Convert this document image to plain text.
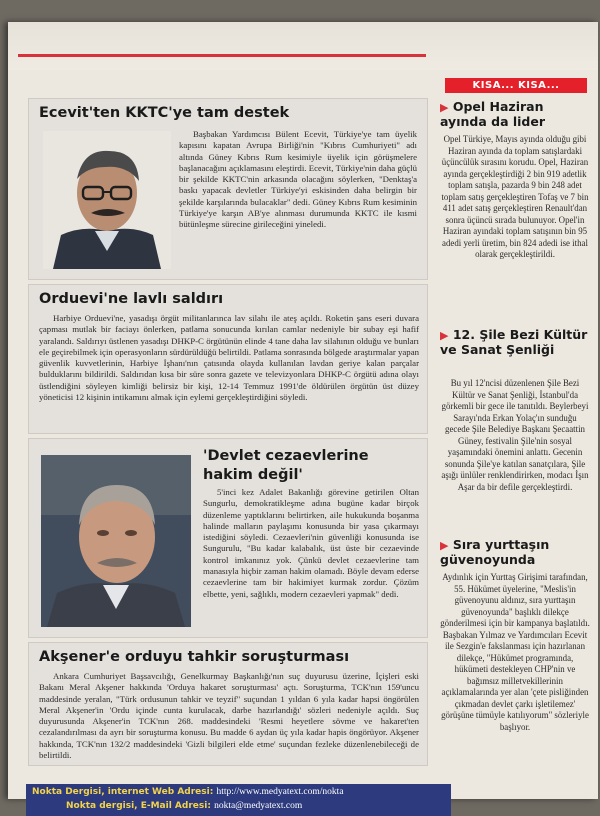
Ecevit'ten KKTC'ye tam destek

Başbakan Yardımcısı Bülent Ecevit, Türkiye'ye tam üyelik kapısını kapatan Avrupa Birliği'nin "Kıbrıs Cumhuriyeti" adı altında Güney Kıbrıs Rum kesimiyle üyelik için görüşmelere başlanacağını açıklamasını eleştirdi. Ecevit, Türkiye'nin daha güçlü bir şekilde KKTC'nin arkasında olacağını söylerken, "Denktaş'a baskı yapacak devletler Türkiye'yi eskisinden daha belirgin bir şekilde karşılarında bulacaklar" dedi. Güney Kıbrıs Rum kesiminin Türkiye'ye karşın AB'ye alınması durumunda KKTC ile kısmi bütünleşme sürecine girileceğini yineledi.

Orduevi'ne lavlı saldırı

Harbiye Orduevi'ne, yasadışı örgüt militanlarınca lav silahı ile ateş açıldı. Roketin şans eseri duvara çapması mutlak bir faciayı önlerken, patlama sonucunda kırılan camlar nedeniyle bir subay eşi hafif yaralandı. Saldırıyı üstlenen yasadışı DHKP-C örgütünün elinde 4 tane daha lav silahının olduğu ve bunları ele geçirebilmek için operasyonların sürdürüldüğü belirtildi. Patlama sonrasında bölgede araştırmalar yapan güvenlik kuvvetlerinin, Harbiye İşhanı'nın çatısında olayda kullanılan lavdan geriye kalan parçalar bulduklarını bildirildi. Saldırıdan kısa bir süre sonra gazete ve televizyonlara DHKP-C örgütü adına olayı üstlendiğini söyleyen kimliği belirsiz bir kişi, 12-14 Temmuz 1991'de öldürülen örgütün üst düzey yöneticisi 12 kişinin intikamını almak için eylemi gerçekleştirdiğini söyledi.

'Devlet cezaevlerine hakim değil'

5'inci kez Adalet Bakanlığı görevine getirilen Oltan Sungurlu, demokratikleşme adına bugüne kadar birçok düzenleme yaptıklarını belirtirken, aile hukukunda boşanma halinde malların paylaşımı konusunda bir yasa çıkarmayı istediğini söyledi. Cezaevleri'nin güvenliği konusunda ise Sungurulu, "Bu kadar kalabalık, üst üste bir cezaevinde kontrol imkanınız yok. Çünkü devlet cezaevlerine tam manasıyla hiçbir zaman hakim olamadı. Böyle devam ederse cezaevlerine tam bir hakimiyet kurmak zordur. Çözüm elbette, yeni, sağlıklı, modern cezaevleri yapmak" dedi.

Akşener'e orduyu tahkir soruşturması

Ankara Cumhuriyet Başsavcılığı, Genelkurmay Başkanlığı'nın suç duyurusu üzerine, İçişleri eski Bakanı Meral Akşener hakkında 'Orduya hakaret soruşturması' açtı. Soruşturma, TCK'nın 159'uncu maddesinde yeralan, "Türk ordusunun tahkir ve teyzif" suçundan 1 yıldan 6 yıla kadar hapsi öngörülen Meral Akşener'in 'Ordu içinde cunta kurulacak, darbe hazırlandığı' sözleri nedeniyle açıldı. Suç duyurusunda Akşener'in TCK'nın 268. maddesindeki 'Resmi heyetlere sövme ve hakaret'ten cezalandırılması da ayrı bir soruşturma konusu. Bu madde 6 aydan üç yıla kadar hapis öngörüyor. Akşener hakkında, TCK'nın 132/2 maddesindeki 'Gizli bilgileri elde etme' suçundan fezleke düzenlenebileceği de belirtildi.

KISA... KISA...
▶ Opel Haziran ayında da lider

Opel Türkiye, Mayıs ayında olduğu gibi Haziran ayında da toplam satışlardaki üçüncülük sırasını korudu. Opel, Haziran ayında gerçekleştirdiği 2 bin 919 adetlik toplam satışla, pazarda 9 bin 248 adet toplam satış gerçekleştiren Tofaş ve 7 bin 411 adet satış gerçekleştiren Renault'dan sonra üçüncü sırada bulunuyor. Opel'in Haziran ayındaki toplam satışının bin 95 adedi yerli üretim, bin 824 adedi ise ithal olarak gerçekleştirildi.

▶ 12. Şile Bezi Kültür ve Sanat Şenliği

Bu yıl 12'ncisi düzenlenen Şile Bezi Kültür ve Sanat Şenliği, İstanbul'da görkemli bir gece ile tanıtıldı. Beylerbeyi Sarayı'nda Erkan Yolaç'ın sunduğu gecede Şile Belediye Başkanı Şecaattin Güney, festivalin Şile'nin sosyal yaşamındaki önemini anlattı. Gecenin sonunda Şile'ye katılan sanatçılara, Şile aşığı ünlüler renklendirirken, modacı İşın Aşar da bir defile gerçekleştirdi.

▶ Sıra yurttaşın güvenoyunda

Aydınlık için Yurttaş Girişimi tarafından, 55. Hükümet üyelerine, "Meslis'in güvenoyunu aldınız, sıra yurttaşın güvenoyunda" başlıklı dilekçe gönderilmesi için bir kampanya başlatıldı. Başbakan Yılmaz ve Yardımcıları Ecevit ile Sezgin'e fakslanması için hazırlanan dilekçe, "Hükümet programında, hükümeti destekleyen CHP'nin ve bağımsız milletvekillerinin açıklamalarında yer alan 'çete pisliğinden çıkmadan devlet çarkı işletilemez' görüşüne tümüyle katılıyorum" sözleriyle başlıyor.

Nokta Dergisi, internet Web Adresi: http://www.medyatext.com/nokta
Nokta dergisi, E-Mail Adresi: nokta@medyatext.com
